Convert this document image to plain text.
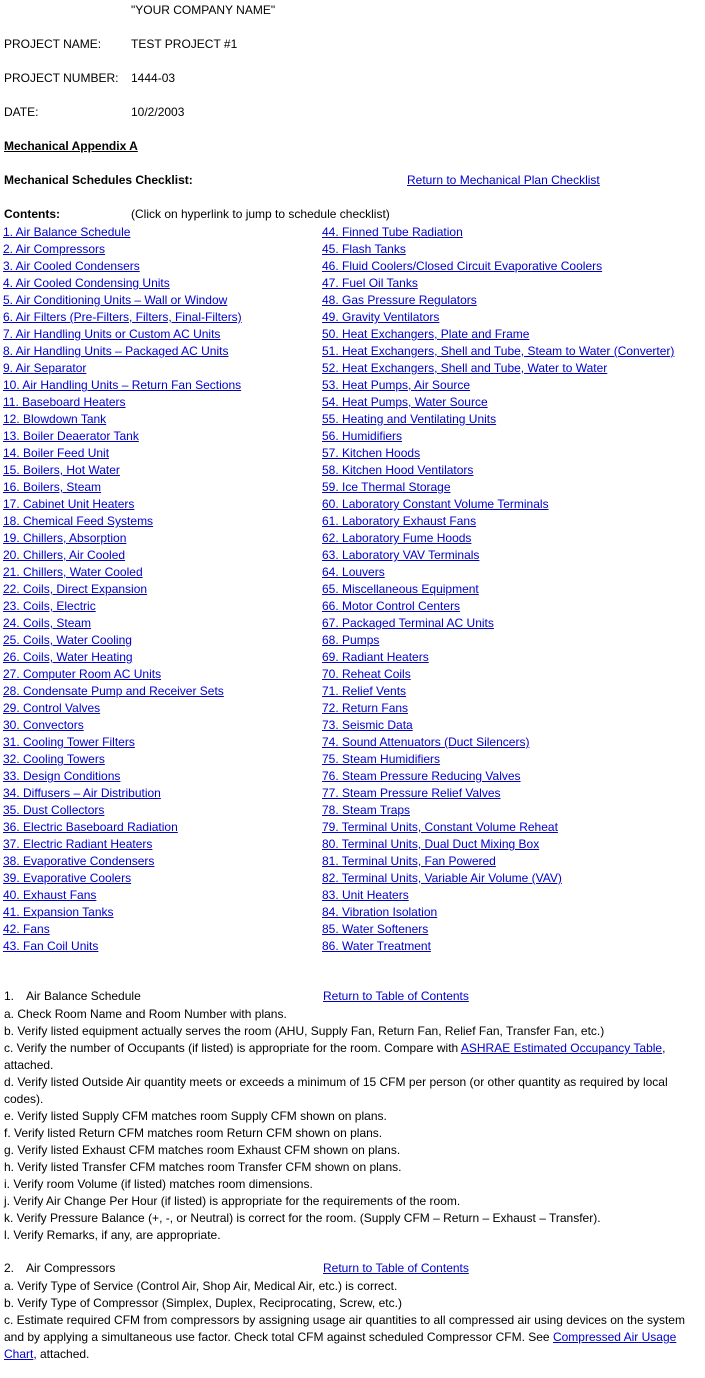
"YOUR COMPANY NAME"
PROJECT NAME: TEST PROJECT #1
PROJECT NUMBER: 1444-03
DATE:	10/2/2003
Mechanical Appendix A
Mechanical Schedules Checklist:	Return to Mechanical Plan Checklist
Contents:	(Click on hyperlink to jump to schedule checklist)
1. Air Balance Schedule
2. Air Compressors
3. Air Cooled Condensers
4. Air Cooled Condensing Units
5. Air Conditioning Units – Wall or Window
6. Air Filters (Pre-Filters, Filters, Final-Filters)
7. Air Handling Units or Custom AC Units
8. Air Handling Units – Packaged AC Units
9. Air Separator
10. Air Handling Units – Return Fan Sections
11. Baseboard Heaters
12. Blowdown Tank
13. Boiler Deaerator Tank
14. Boiler Feed Unit
15. Boilers, Hot Water
16. Boilers, Steam
17. Cabinet Unit Heaters
18. Chemical Feed Systems
19. Chillers, Absorption
20. Chillers, Air Cooled
21. Chillers, Water Cooled
22. Coils, Direct Expansion
23. Coils, Electric
24. Coils, Steam
25. Coils, Water Cooling
26. Coils, Water Heating
27. Computer Room AC Units
28. Condensate Pump and Receiver Sets
29. Control Valves
30. Convectors
31. Cooling Tower Filters
32. Cooling Towers
33. Design Conditions
34. Diffusers – Air Distribution
35. Dust Collectors
36. Electric Baseboard Radiation
37. Electric Radiant Heaters
38. Evaporative Condensers
39. Evaporative Coolers
40. Exhaust Fans
41. Expansion Tanks
42. Fans
43. Fan Coil Units
44. Finned Tube Radiation
45. Flash Tanks
46. Fluid Coolers/Closed Circuit Evaporative Coolers
47. Fuel Oil Tanks
48. Gas Pressure Regulators
49. Gravity Ventilators
50. Heat Exchangers, Plate and Frame
51. Heat Exchangers, Shell and Tube, Steam to Water (Converter)
52. Heat Exchangers, Shell and Tube, Water to Water
53. Heat Pumps, Air Source
54. Heat Pumps, Water Source
55. Heating and Ventilating Units
56. Humidifiers
57. Kitchen Hoods
58. Kitchen Hood Ventilators
59. Ice Thermal Storage
60. Laboratory Constant Volume Terminals
61. Laboratory Exhaust Fans
62. Laboratory Fume Hoods
63. Laboratory VAV Terminals
64. Louvers
65. Miscellaneous Equipment
66. Motor Control Centers
67. Packaged Terminal AC Units
68. Pumps
69. Radiant Heaters
70. Reheat Coils
71. Relief Vents
72. Return Fans
73. Seismic Data
74. Sound Attenuators (Duct Silencers)
75. Steam Humidifiers
76. Steam Pressure Reducing Valves
77. Steam Pressure Relief Valves
78. Steam Traps
79. Terminal Units, Constant Volume Reheat
80. Terminal Units, Dual Duct Mixing Box
81. Terminal Units, Fan Powered
82. Terminal Units, Variable Air Volume (VAV)
83. Unit Heaters
84. Vibration Isolation
85. Water Softeners
86. Water Treatment
1. Air Balance Schedule	Return to Table of Contents
a. Check Room Name and Room Number with plans.
b. Verify listed equipment actually serves the room (AHU, Supply Fan, Return Fan, Relief Fan, Transfer Fan, etc.)
c. Verify the number of Occupants (if listed) is appropriate for the room. Compare with ASHRAE Estimated Occupancy Table, attached.
d. Verify listed Outside Air quantity meets or exceeds a minimum of 15 CFM per person (or other quantity as required by local codes).
e. Verify listed Supply CFM matches room Supply CFM shown on plans.
f. Verify listed Return CFM matches room Return CFM shown on plans.
g. Verify listed Exhaust CFM matches room Exhaust CFM shown on plans.
h. Verify listed Transfer CFM matches room Transfer CFM shown on plans.
i. Verify room Volume (if listed) matches room dimensions.
j. Verify Air Change Per Hour (if listed) is appropriate for the requirements of the room.
k. Verify Pressure Balance (+, -, or Neutral) is correct for the room. (Supply CFM – Return – Exhaust – Transfer).
l. Verify Remarks, if any, are appropriate.
2. Air Compressors	Return to Table of Contents
a. Verify Type of Service (Control Air, Shop Air, Medical Air, etc.) is correct.
b. Verify Type of Compressor (Simplex, Duplex, Reciprocating, Screw, etc.)
c. Estimate required CFM from compressors by assigning usage air quantities to all compressed air using devices on the system and by applying a simultaneous use factor. Check total CFM against scheduled Compressor CFM. See Compressed Air Usage Chart, attached.
